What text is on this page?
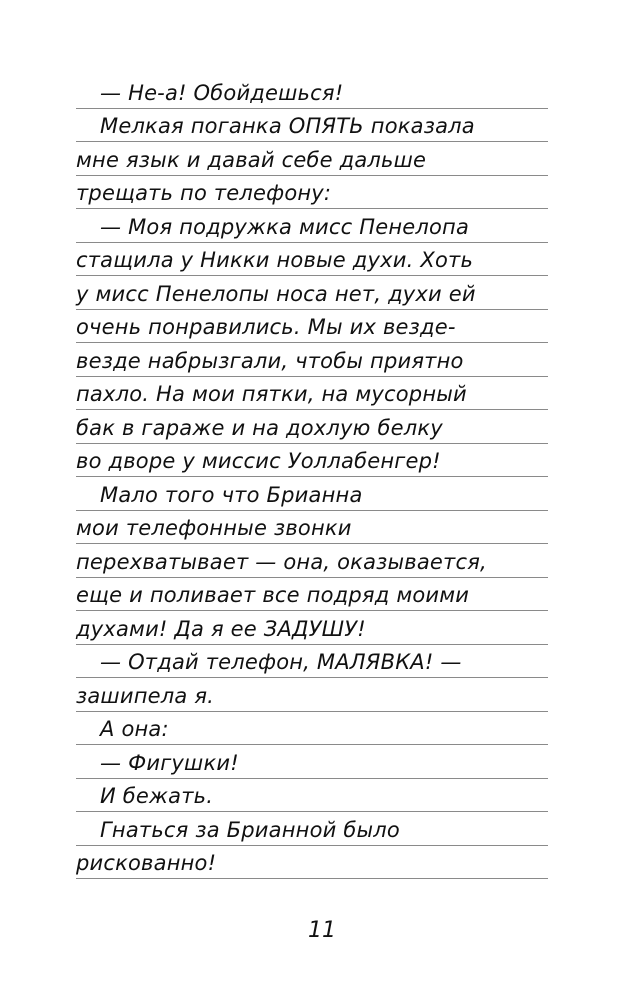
— Не-а! Обойдешься!
Мелкая поганка ОПЯТЬ показала
мне язык и давай себе дальше
трещать по телефону:
— Моя подружка мисс Пенелопа
стащила у Никки новые духи. Хоть
у мисс Пенелопы носа нет, духи ей
очень понравились. Мы их везде-
везде набрызгали, чтобы приятно
пахло. На мои пятки, на мусорный
бак в гараже и на дохлую белку
во дворе у миссис Уоллабенгер!
Мало того что Брианна
мои телефонные звонки
перехватывает — она, оказывается,
еще и поливает все подряд моими
духами! Да я ее ЗАДУШУ!
— Отдай телефон, МАЛЯВКА! —
зашипела я.
А она:
— Фигушки!
И бежать.
Гнаться за Брианной было
рискованно!
11
